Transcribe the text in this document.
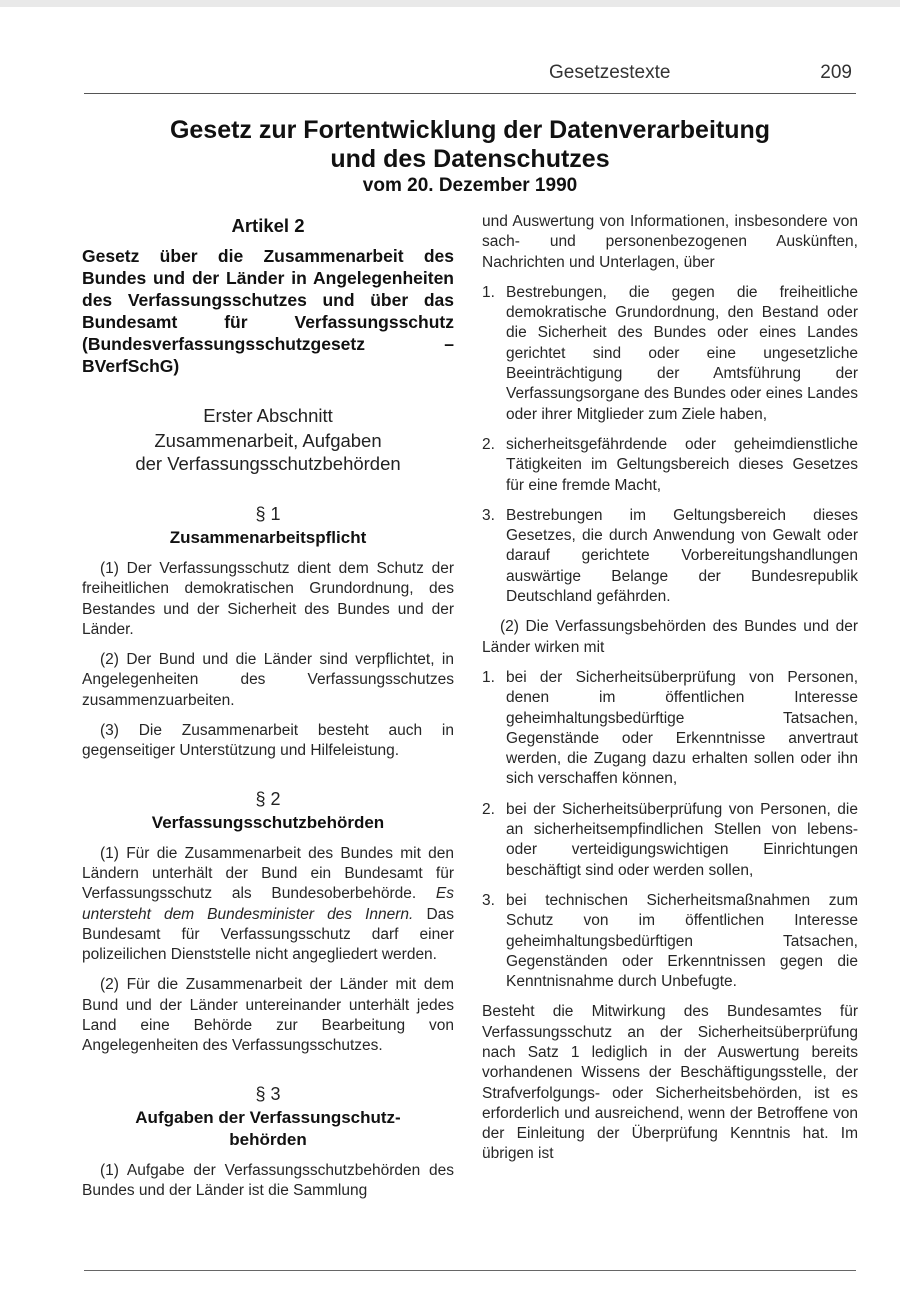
Gesetzestexte	209
Gesetz zur Fortentwicklung der Datenverarbeitung
und des Datenschutzes
vom 20. Dezember 1990
Artikel 2
Gesetz über die Zusammenarbeit des Bundes und der Länder in Angelegenheiten des Verfassungsschutzes und über das Bundesamt für Verfassungsschutz (Bundesverfassungsschutzgesetz – BVerfSchG)
Erster Abschnitt
Zusammenarbeit, Aufgaben
der Verfassungsschutzbehörden
§ 1
Zusammenarbeitspflicht

(1) Der Verfassungsschutz dient dem Schutz der freiheitlichen demokratischen Grundordnung, des Bestandes und der Sicherheit des Bundes und der Länder.

(2) Der Bund und die Länder sind verpflichtet, in Angelegenheiten des Verfassungsschutzes zusammenzuarbeiten.

(3) Die Zusammenarbeit besteht auch in gegenseitiger Unterstützung und Hilfeleistung.

§ 2
Verfassungsschutzbehörden

(1) Für die Zusammenarbeit des Bundes mit den Ländern unterhält der Bund ein Bundesamt für Verfassungsschutz als Bundesoberbehörde. Es untersteht dem Bundesminister des Innern. Das Bundesamt für Verfassungsschutz darf einer polizeilichen Dienststelle nicht angegliedert werden.

(2) Für die Zusammenarbeit der Länder mit dem Bund und der Länder untereinander unterhält jedes Land eine Behörde zur Bearbeitung von Angelegenheiten des Verfassungsschutzes.

§ 3
Aufgaben der Verfassungschutz-
behörden

(1) Aufgabe der Verfassungsschutzbehörden des Bundes und der Länder ist die Sammlung

und Auswertung von Informationen, insbesondere von sach- und personenbezogenen Auskünften, Nachrichten und Unterlagen, über

1. Bestrebungen, die gegen die freiheitliche demokratische Grundordnung, den Bestand oder die Sicherheit des Bundes oder eines Landes gerichtet sind oder eine ungesetzliche Beeinträchtigung der Amtsführung der Verfassungsorgane des Bundes oder eines Landes oder ihrer Mitglieder zum Ziele haben,
2. sicherheitsgefährdende oder geheimdienstliche Tätigkeiten im Geltungsbereich dieses Gesetzes für eine fremde Macht,
3. Bestrebungen im Geltungsbereich dieses Gesetzes, die durch Anwendung von Gewalt oder darauf gerichtete Vorbereitungshandlungen auswärtige Belange der Bundesrepublik Deutschland gefährden.

(2) Die Verfassungsbehörden des Bundes und der Länder wirken mit

1. bei der Sicherheitsüberprüfung von Personen, denen im öffentlichen Interesse geheimhaltungsbedürftige Tatsachen, Gegenstände oder Erkenntnisse anvertraut werden, die Zugang dazu erhalten sollen oder ihn sich verschaffen können,
2. bei der Sicherheitsüberprüfung von Personen, die an sicherheitsempfindlichen Stellen von lebens- oder verteidigungswichtigen Einrichtungen beschäftigt sind oder werden sollen,
3. bei technischen Sicherheitsmaßnahmen zum Schutz von im öffentlichen Interesse geheimhaltungsbedürftigen Tatsachen, Gegenständen oder Erkenntnissen gegen die Kenntnisnahme durch Unbefugte.

Besteht die Mitwirkung des Bundesamtes für Verfassungsschutz an der Sicherheitsüberprüfung nach Satz 1 lediglich in der Auswertung bereits vorhandenen Wissens der Beschäftigungsstelle, der Strafverfolgungs- oder Sicherheitsbehörden, ist es erforderlich und ausreichend, wenn der Betroffene von der Einleitung der Überprüfung Kenntnis hat. Im übrigen ist
